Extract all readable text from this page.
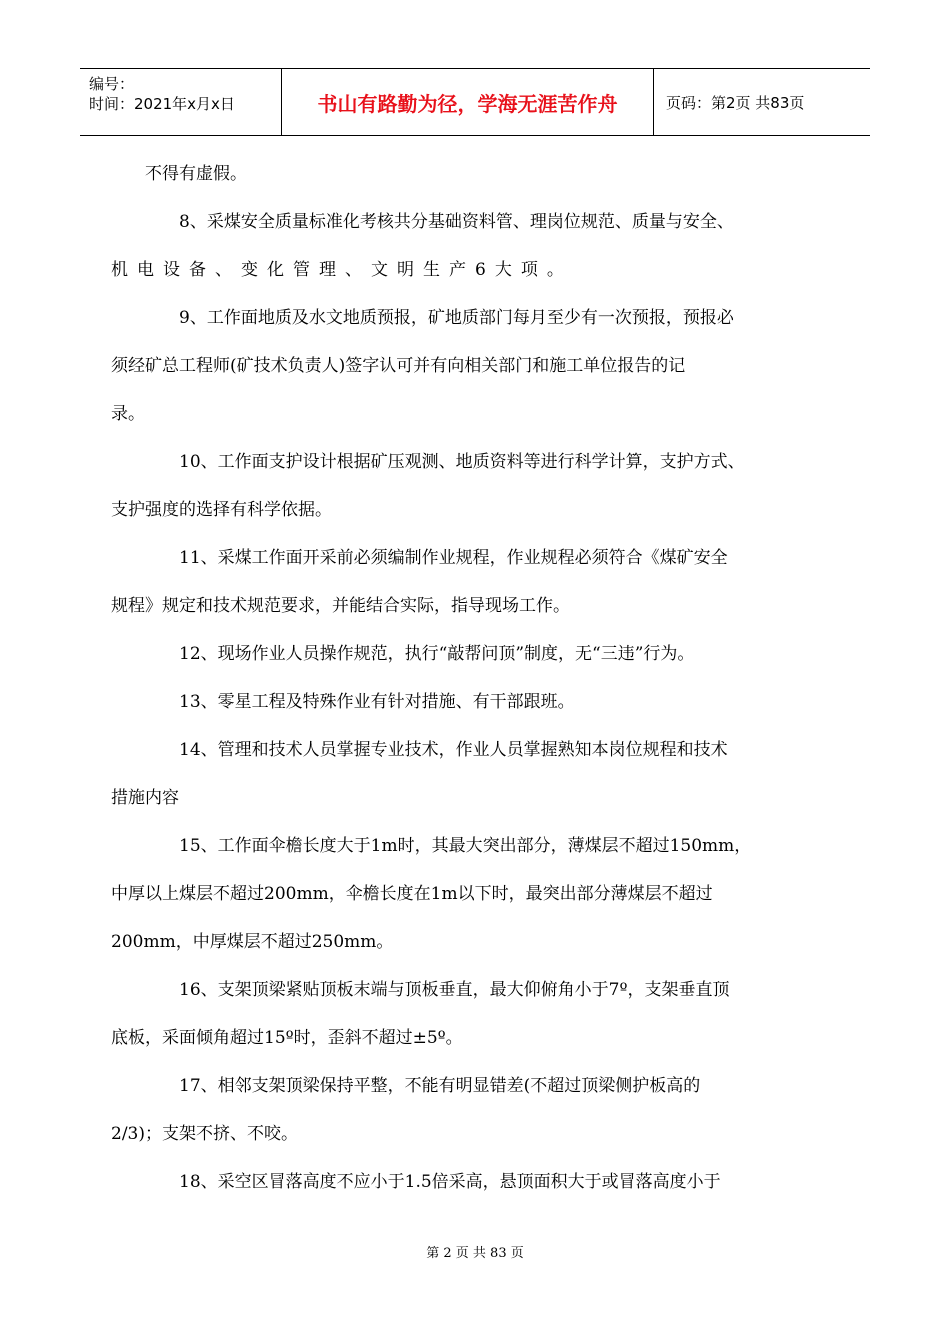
编号：
时间：2021年x月x日	书山有路勤为径，学海无涯苦作舟	页码：第2页 共83页

不得有虚假。

8、采煤安全质量标准化考核共分基础资料管、理岗位规范、质量与安全、
机电设备、变化管理、文明生产6大项。

9、工作面地质及水文地质预报，矿地质部门每月至少有一次预报，预报必
须经矿总工程师(矿技术负责人)签字认可并有向相关部门和施工单位报告的记
录。

10、工作面支护设计根据矿压观测、地质资料等进行科学计算，支护方式、
支护强度的选择有科学依据。

11、采煤工作面开采前必须编制作业规程，作业规程必须符合《煤矿安全
规程》规定和技术规范要求，并能结合实际，指导现场工作。

12、现场作业人员操作规范，执行“敲帮问顶”制度，无“三违”行为。

13、零星工程及特殊作业有针对措施、有干部跟班。

14、管理和技术人员掌握专业技术，作业人员掌握熟知本岗位规程和技术
措施内容

15、工作面伞檐长度大于1m时，其最大突出部分，薄煤层不超过150mm，
中厚以上煤层不超过200mm，伞檐长度在1m以下时，最突出部分薄煤层不超过
200mm，中厚煤层不超过250mm。

16、支架顶梁紧贴顶板末端与顶板垂直，最大仰俯角小于7º，支架垂直顶
底板，采面倾角超过15º时，歪斜不超过±5º。

17、相邻支架顶梁保持平整，不能有明显错差(不超过顶梁侧护板高的
2/3)；支架不挤、不咬。

18、采空区冒落高度不应小于1.5倍采高，悬顶面积大于或冒落高度小于

第 2 页 共 83 页
